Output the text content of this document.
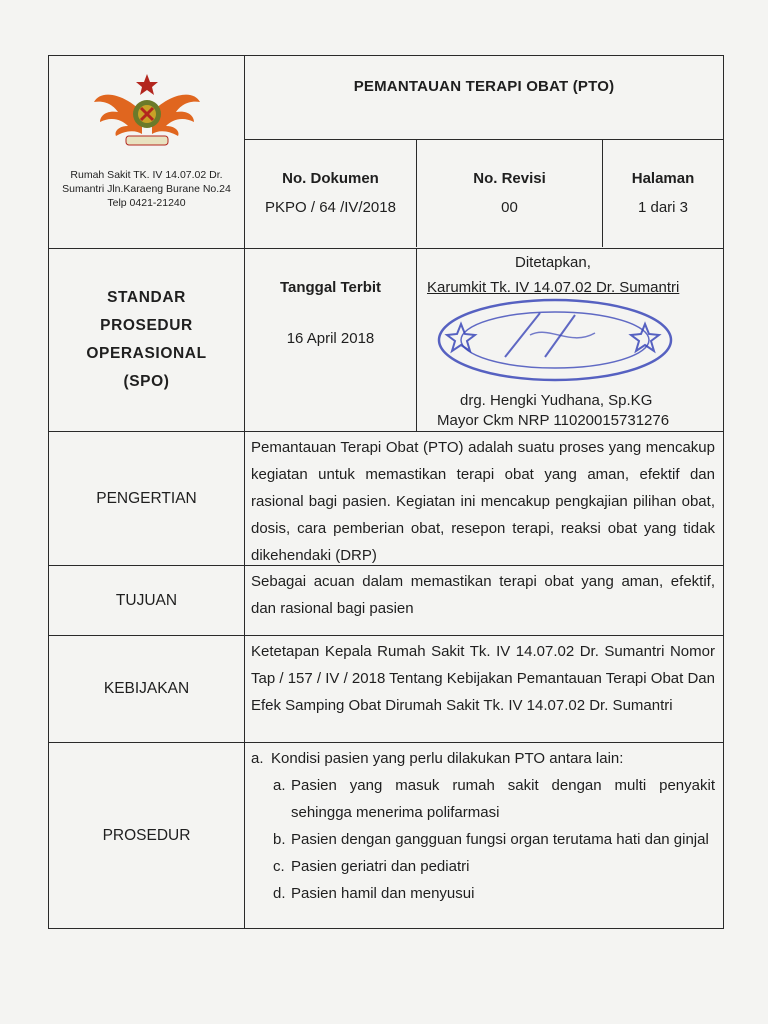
Rumah Sakit TK. IV 14.07.02 Dr. Sumantri Jln.Karaeng Burane No.24 Telp 0421-21240
PEMANTAUAN TERAPI OBAT (PTO)
No. Dokumen
PKPO / 64 /IV/2018
No. Revisi
00
Halaman
1 dari 3
STANDAR
PROSEDUR
OPERASIONAL
(SPO)
Tanggal Terbit
16 April 2018
Ditetapkan,
Karumkit Tk. IV 14.07.02 Dr. Sumantri
drg. Hengki Yudhana, Sp.KG
Mayor Ckm NRP 11020015731276
PENGERTIAN
Pemantauan Terapi Obat (PTO) adalah suatu proses yang mencakup kegiatan untuk memastikan terapi obat yang aman, efektif dan rasional bagi pasien. Kegiatan ini mencakup pengkajian pilihan obat, dosis, cara pemberian obat, resepon terapi, reaksi obat yang tidak dikehendaki (DRP)
TUJUAN
Sebagai acuan dalam memastikan terapi obat yang aman, efektif, dan rasional bagi pasien
KEBIJAKAN
Ketetapan Kepala Rumah Sakit Tk. IV 14.07.02 Dr. Sumantri Nomor Tap / 157 / IV / 2018 Tentang Kebijakan Pemantauan Terapi Obat Dan Efek Samping Obat Dirumah Sakit Tk. IV 14.07.02 Dr. Sumantri
PROSEDUR
a. Kondisi pasien yang perlu dilakukan PTO antara lain:
a. Pasien yang masuk rumah sakit dengan multi penyakit sehingga menerima polifarmasi
b. Pasien dengan gangguan fungsi organ terutama hati dan ginjal
c. Pasien geriatri dan pediatri
d. Pasien hamil dan menyusui
